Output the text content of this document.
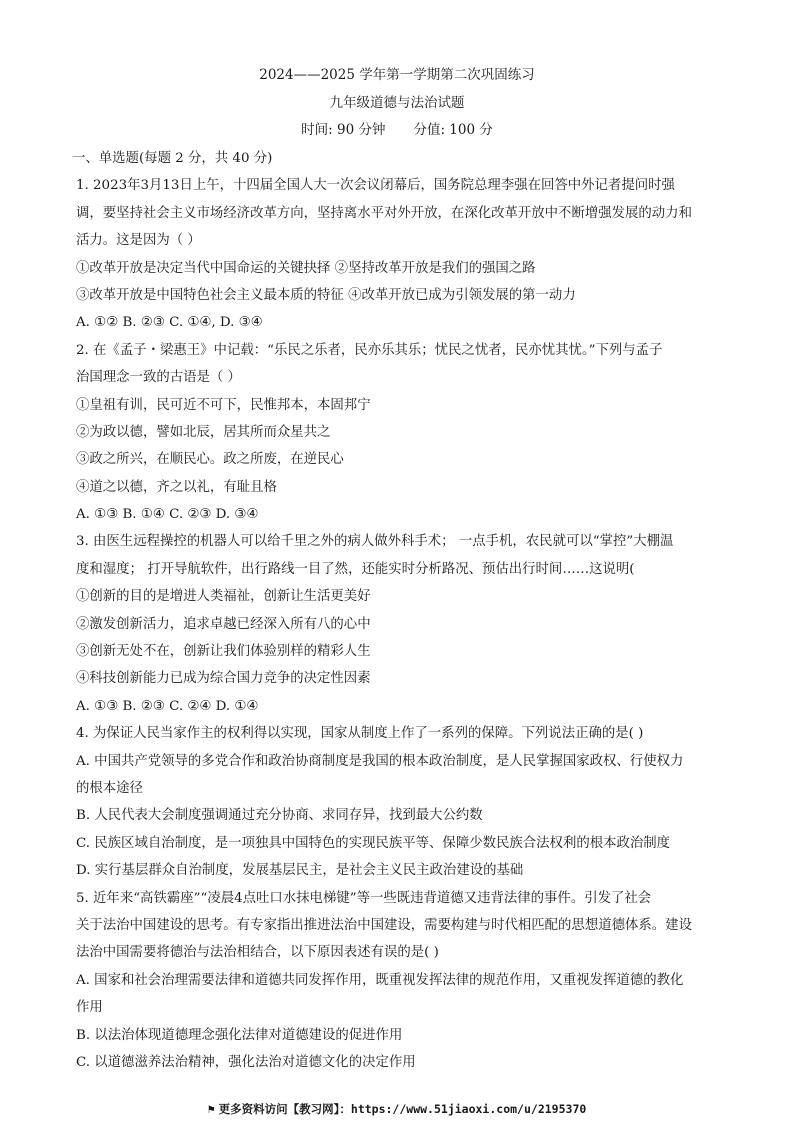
2024——2025 学年第一学期第二次巩固练习
九年级道德与法治试题
时间: 90 分钟 分值: 100 分
一、单选题(每题 2 分，共 40 分)
1. 2023年3月13日上午，十四届全国人大一次会议闭幕后，国务院总理李强在回答中外记者提问时强
调，要坚持社会主义市场经济改革方向，坚持离水平对外开放，在深化改革开放中不断增强发展的动力和
活力。这是因为（ ）
①改革开放是决定当代中国命运的关键抉择 ②坚持改革开放是我们的强国之路
③改革开放是中国特色社会主义最本质的特征 ④改革开放已成为引领发展的第一动力
A. ①② B. ②③ C. ①④, D. ③④
2. 在《孟子・梁惠王》中记载：“乐民之乐者，民亦乐其乐；忧民之忧者，民亦忧其忧。”下列与孟子
治国理念一致的古语是（ ）
①皇祖有训，民可近不可下，民惟邦本，本固邦宁
②为政以德，譬如北辰，居其所而众星共之
③政之所兴，在顺民心。政之所废，在逆民心
④道之以德，齐之以礼，有耻且格
A. ①③ B. ①④ C. ②③ D. ③④
3. 由医生远程操控的机器人可以给千里之外的病人做外科手术； 一点手机，农民就可以“掌控”大棚温
度和湿度； 打开导航软件，出行路线一目了然，还能实时分析路况、预估出行时间……这说明(
①创新的目的是增进人类福祉，创新让生活更美好
②激发创新活力，追求卓越已经深入所有八的心中
③创新无处不在，创新让我们体验别样的精彩人生
④科技创新能力已成为综合国力竞争的决定性因素
A. ①③ B. ②③ C. ②④ D. ①④
4. 为保证人民当家作主的权利得以实现，国家从制度上作了一系列的保障。下列说法正确的是( )
A. 中国共产党领导的多党合作和政治协商制度是我国的根本政治制度，是人民掌握国家政权、行使权力
的根本途径
B. 人民代表大会制度强调通过充分协商、求同存异，找到最大公约数
C. 民族区域自治制度，是一项独具中国特色的实现民族平等、保障少数民族合法权利的根本政治制度
D. 实行基层群众自治制度，发展基层民主，是社会主义民主政治建设的基础
5. 近年来“高铁霸座”“凌晨4点吐口水抹电梯键”等一些既违背道德又违背法律的事件。引发了社会
关于法治中国建设的思考。有专家指出推进法治中国建设，需要构建与时代相匹配的思想道德体系。建设
法治中国需要将德治与法治相结合，以下原因表述有误的是( )
A. 国家和社会治理需要法律和道德共同发挥作用，既重视发挥法律的规范作用，又重视发挥道德的教化
作用
B. 以法治体现道德理念强化法律对道德建设的促进作用
C. 以道德滋养法治精神，强化法治对道德文化的决定作用
⚑ 更多资料访问【教习网】：https://www.51jiaoxi.com/u/2195370
